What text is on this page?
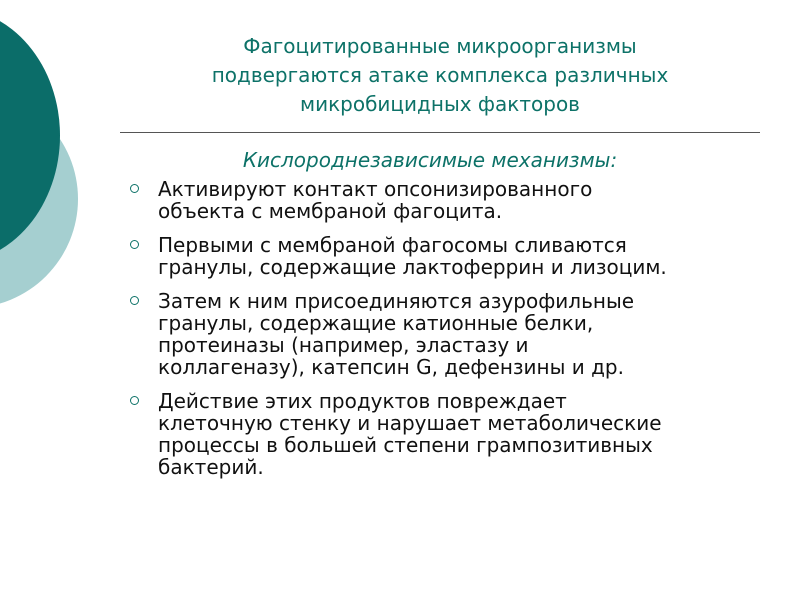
Фагоцитированные микроорганизмы
подвергаются атаке комплекса различных
микробицидных факторов
Кислороднезависимые механизмы:
Активируют контакт опсонизированного
объекта с мембраной фагоцита.
Первыми с мембраной фагосомы сливаются
гранулы, содержащие лактоферрин и лизоцим.
Затем к ним присоединяются азурофильные
гранулы, содержащие катионные белки,
протеиназы (например, эластазу и
коллагеназу), катепсин G, дефензины и др.
Действие этих продуктов повреждает
клеточную стенку и нарушает метаболические
процессы в большей степени грампозитивных
бактерий.
